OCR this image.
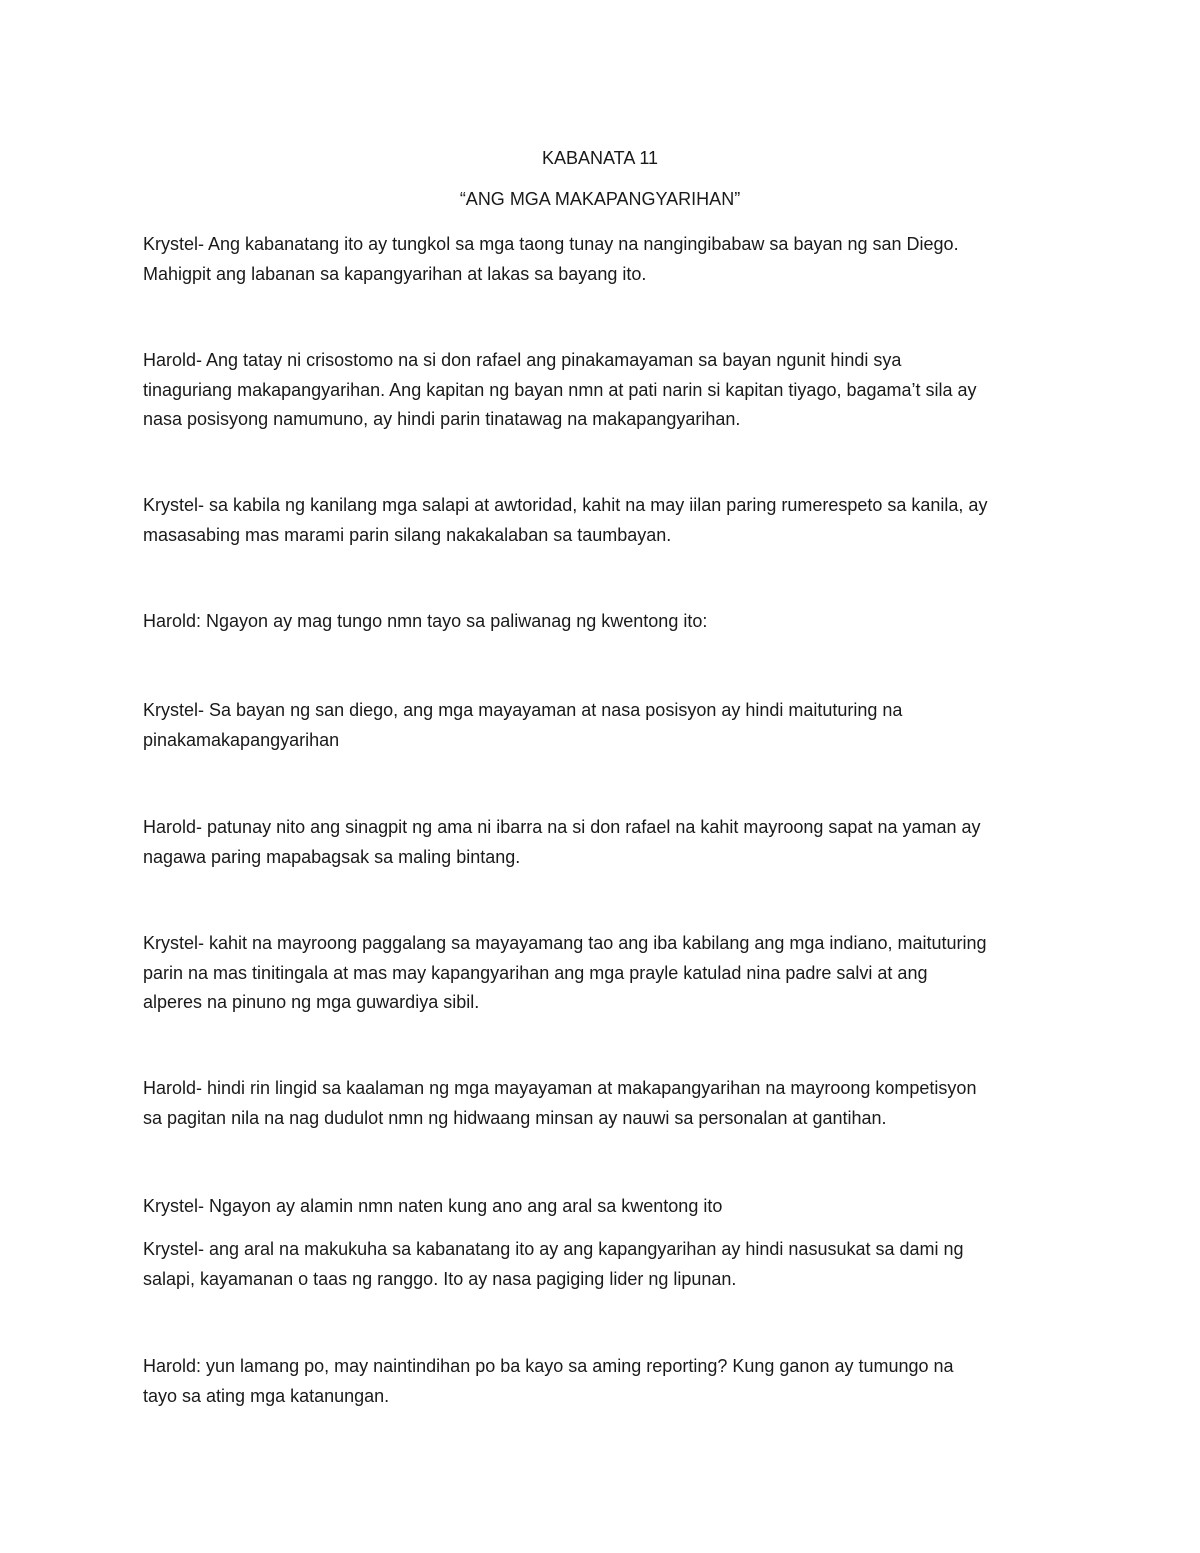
KABANATA 11
“ANG MGA MAKAPANGYARIHAN”

Krystel- Ang kabanatang ito ay tungkol sa mga taong tunay na nangingibabaw sa bayan ng san Diego.
Mahigpit ang labanan sa kapangyarihan at lakas sa bayang ito.

Harold- Ang tatay ni crisostomo na si don rafael ang pinakamayaman sa bayan ngunit hindi sya
tinaguriang makapangyarihan. Ang kapitan ng bayan nmn at pati narin si kapitan tiyago, bagama’t sila ay
nasa posisyong namumuno, ay hindi parin tinatawag na makapangyarihan.

Krystel- sa kabila ng kanilang mga salapi at awtoridad, kahit na may iilan paring rumerespeto sa kanila, ay
masasabing mas marami parin silang nakakalaban sa taumbayan.

Harold: Ngayon ay mag tungo nmn tayo sa paliwanag ng kwentong ito:

Krystel- Sa bayan ng san diego, ang mga mayayaman at nasa posisyon ay hindi maituturing na
pinakamakapangyarihan

Harold- patunay nito ang sinagpit ng ama ni ibarra na si don rafael na kahit mayroong sapat na yaman ay
nagawa paring mapabagsak sa maling bintang.

Krystel- kahit na mayroong paggalang sa mayayamang tao ang iba kabilang ang mga indiano, maituturing
parin na mas tinitingala at mas may kapangyarihan ang mga prayle katulad nina padre salvi at ang
alperes na pinuno ng mga guwardiya sibil.

Harold- hindi rin lingid sa kaalaman ng mga mayayaman at makapangyarihan na mayroong kompetisyon
sa pagitan nila na nag dudulot nmn ng hidwaang minsan ay nauwi sa personalan at gantihan.

Krystel- Ngayon ay alamin nmn naten kung ano ang aral sa kwentong ito

Krystel- ang aral na makukuha sa kabanatang ito ay ang kapangyarihan ay hindi nasusukat sa dami ng
salapi, kayamanan o taas ng ranggo. Ito ay nasa pagiging lider ng lipunan.

Harold: yun lamang po, may naintindihan po ba kayo sa aming reporting? Kung ganon ay tumungo na
tayo sa ating mga katanungan.
